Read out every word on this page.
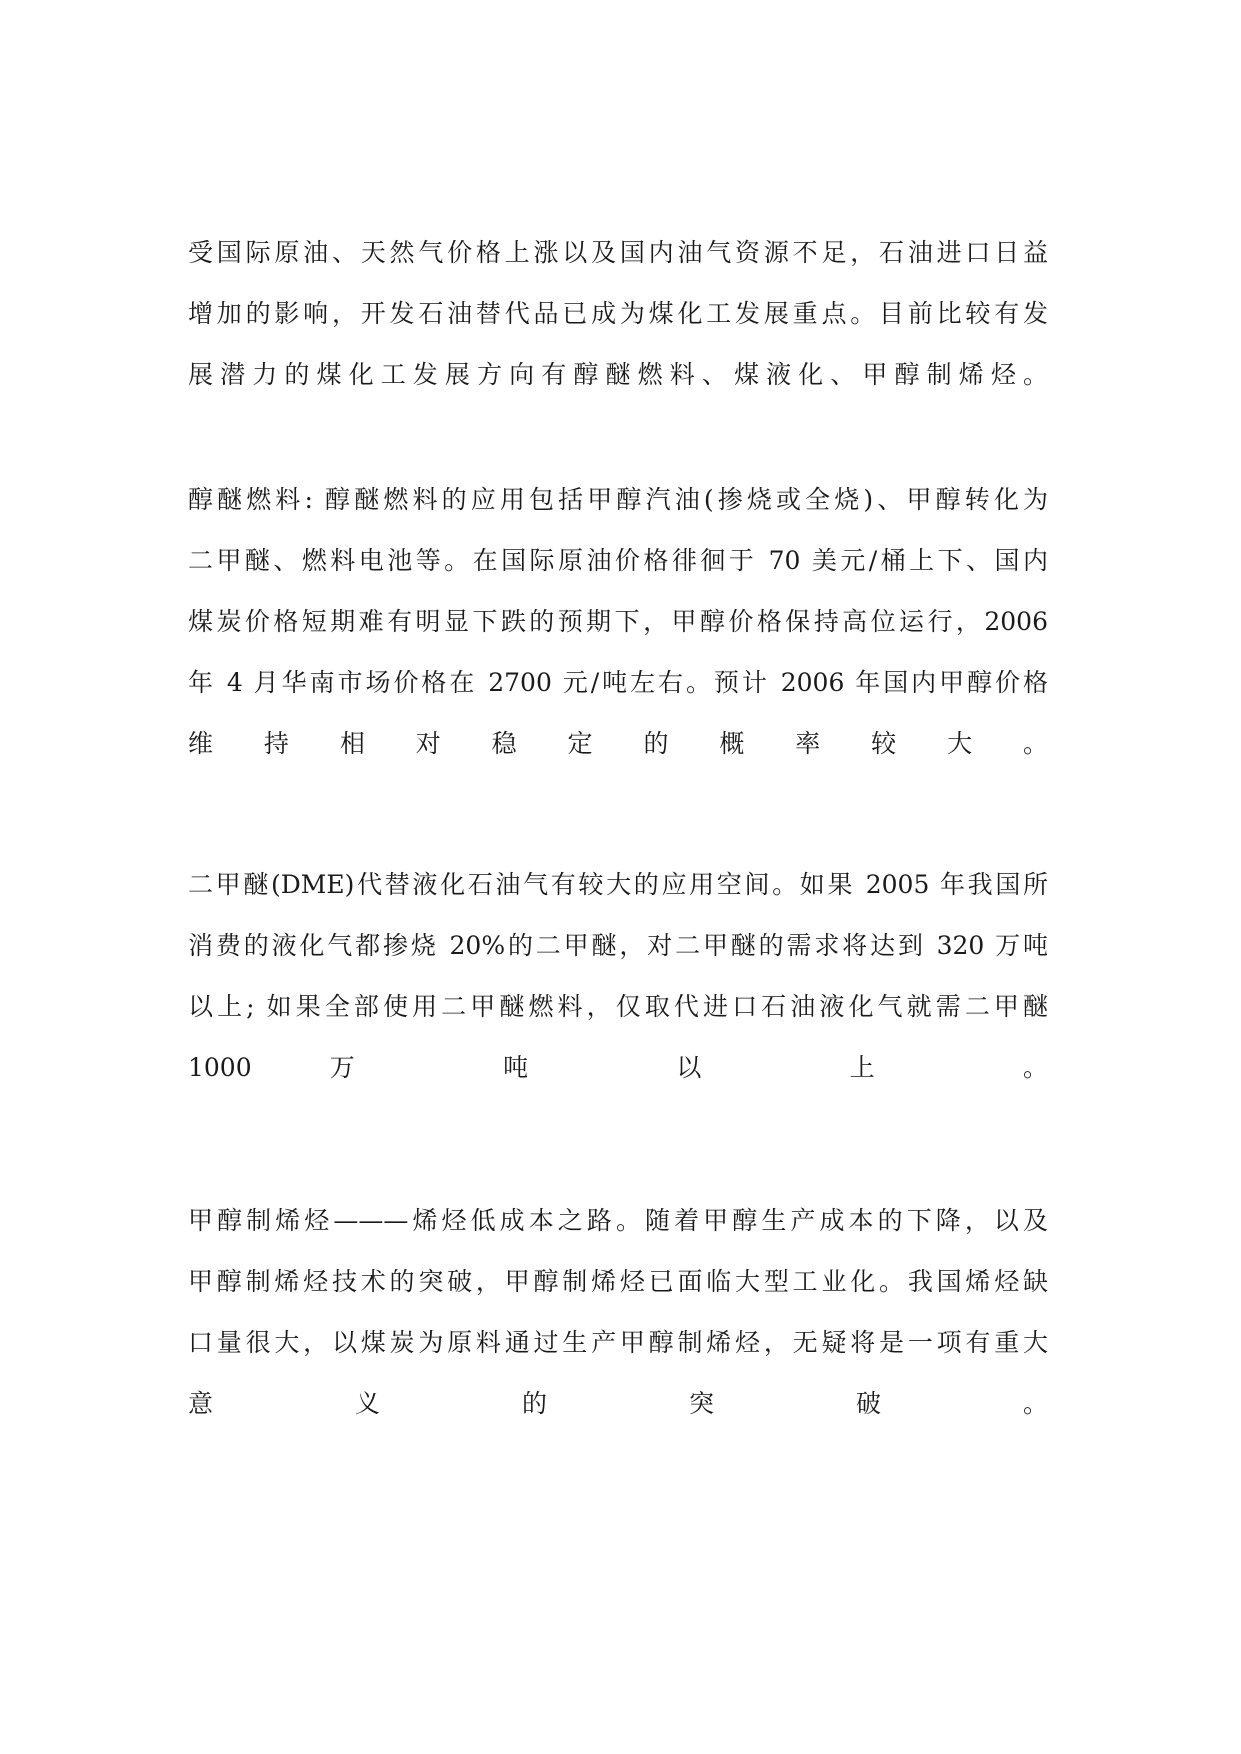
受国际原油、天然气价格上涨以及国内油气资源不足，石油进口日益
增加的影响，开发石油替代品已成为煤化工发展重点。目前比较有发
展潜力的煤化工发展方向有醇醚燃料、煤液化、甲醇制烯烃。
醇醚燃料: 醇醚燃料的应用包括甲醇汽油(掺烧或全烧)、甲醇转化为
二甲醚、燃料电池等。在国际原油价格徘徊于 70 美元/桶上下、国内
煤炭价格短期难有明显下跌的预期下，甲醇价格保持高位运行，2006
年 4 月华南市场价格在 2700 元/吨左右。预计 2006 年国内甲醇价格
维 持 相 对 稳 定 的 概 率 较 大 。
二甲醚(DME)代替液化石油气有较大的应用空间。如果 2005 年我国所
消费的液化气都掺烧 20%的二甲醚，对二甲醚的需求将达到 320 万吨
以上; 如果全部使用二甲醚燃料，仅取代进口石油液化气就需二甲醚
1000 万 吨 以 上 。
甲醇制烯烃———烯烃低成本之路。随着甲醇生产成本的下降，以及
甲醇制烯烃技术的突破，甲醇制烯烃已面临大型工业化。我国烯烃缺
口量很大，以煤炭为原料通过生产甲醇制烯烃，无疑将是一项有重大
意 义 的 突 破 。
